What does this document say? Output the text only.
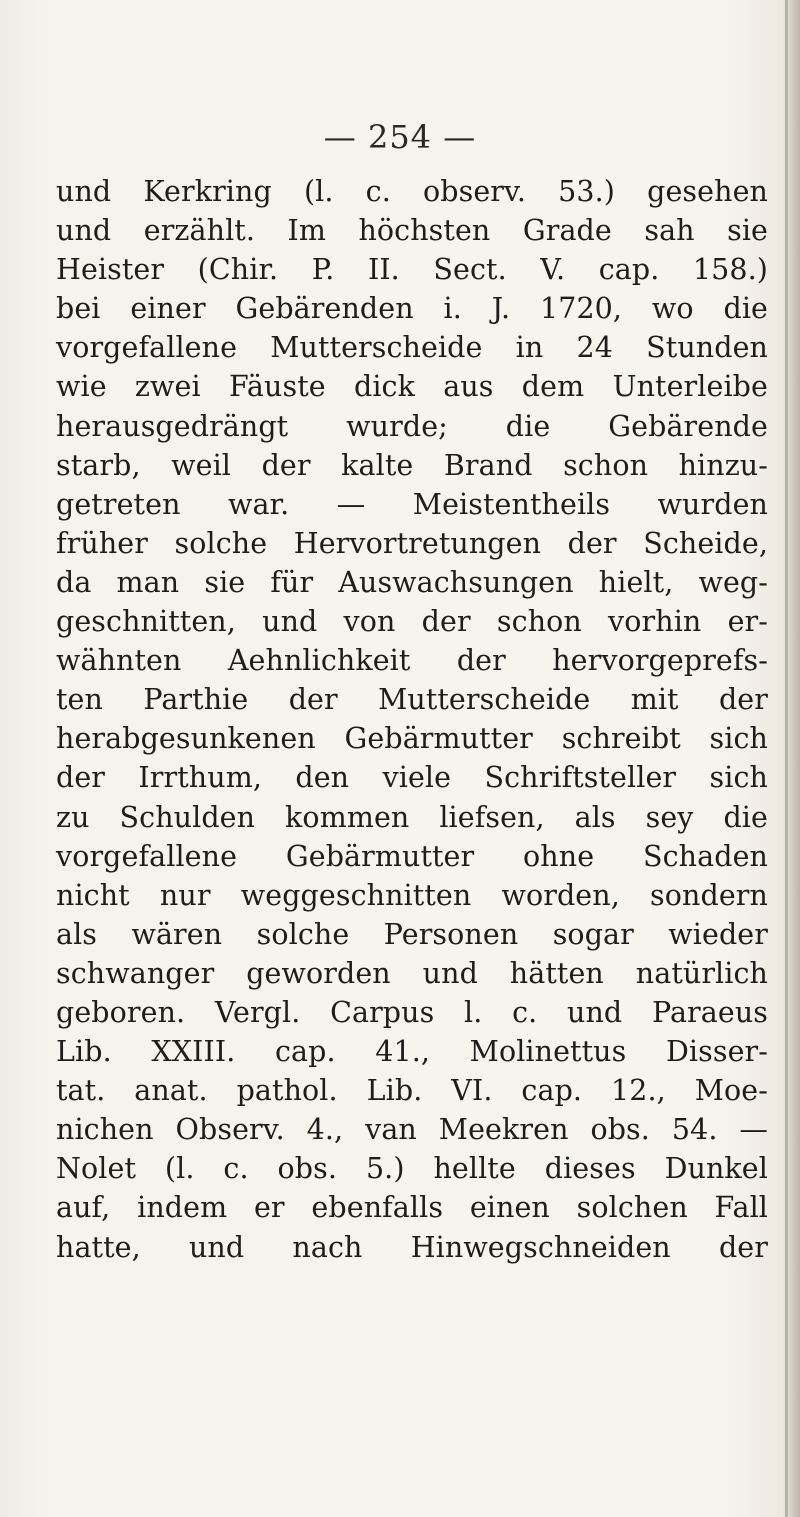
— 254 —
und Kerkring (l. c. observ. 53.) gesehen
und erzählt. Im höchsten Grade sah sie
Heister (Chir. P. II. Sect. V. cap. 158.)
bei einer Gebärenden i. J. 1720, wo die
vorgefallene Mutterscheide in 24 Stunden
wie zwei Fäuste dick aus dem Unterleibe
herausgedrängt wurde; die Gebärende
starb, weil der kalte Brand schon hinzu-
getreten war. — Meistentheils wurden
früher solche Hervortretungen der Scheide,
da man sie für Auswachsungen hielt, weg-
geschnitten, und von der schon vorhin er-
wähnten Aehnlichkeit der hervorgeprefs-
ten Parthie der Mutterscheide mit der
herabgesunkenen Gebärmutter schreibt sich
der Irrthum, den viele Schriftsteller sich
zu Schulden kommen liefsen, als sey die
vorgefallene Gebärmutter ohne Schaden
nicht nur weggeschnitten worden, sondern
als wären solche Personen sogar wieder
schwanger geworden und hätten natürlich
geboren. Vergl. Carpus l. c. und Paraeus
Lib. XXIII. cap. 41., Molinettus Disser-
tat. anat. pathol. Lib. VI. cap. 12., Moe-
nichen Observ. 4., van Meekren obs. 54. —
Nolet (l. c. obs. 5.) hellte dieses Dunkel
auf, indem er ebenfalls einen solchen Fall
hatte, und nach Hinwegschneiden der
